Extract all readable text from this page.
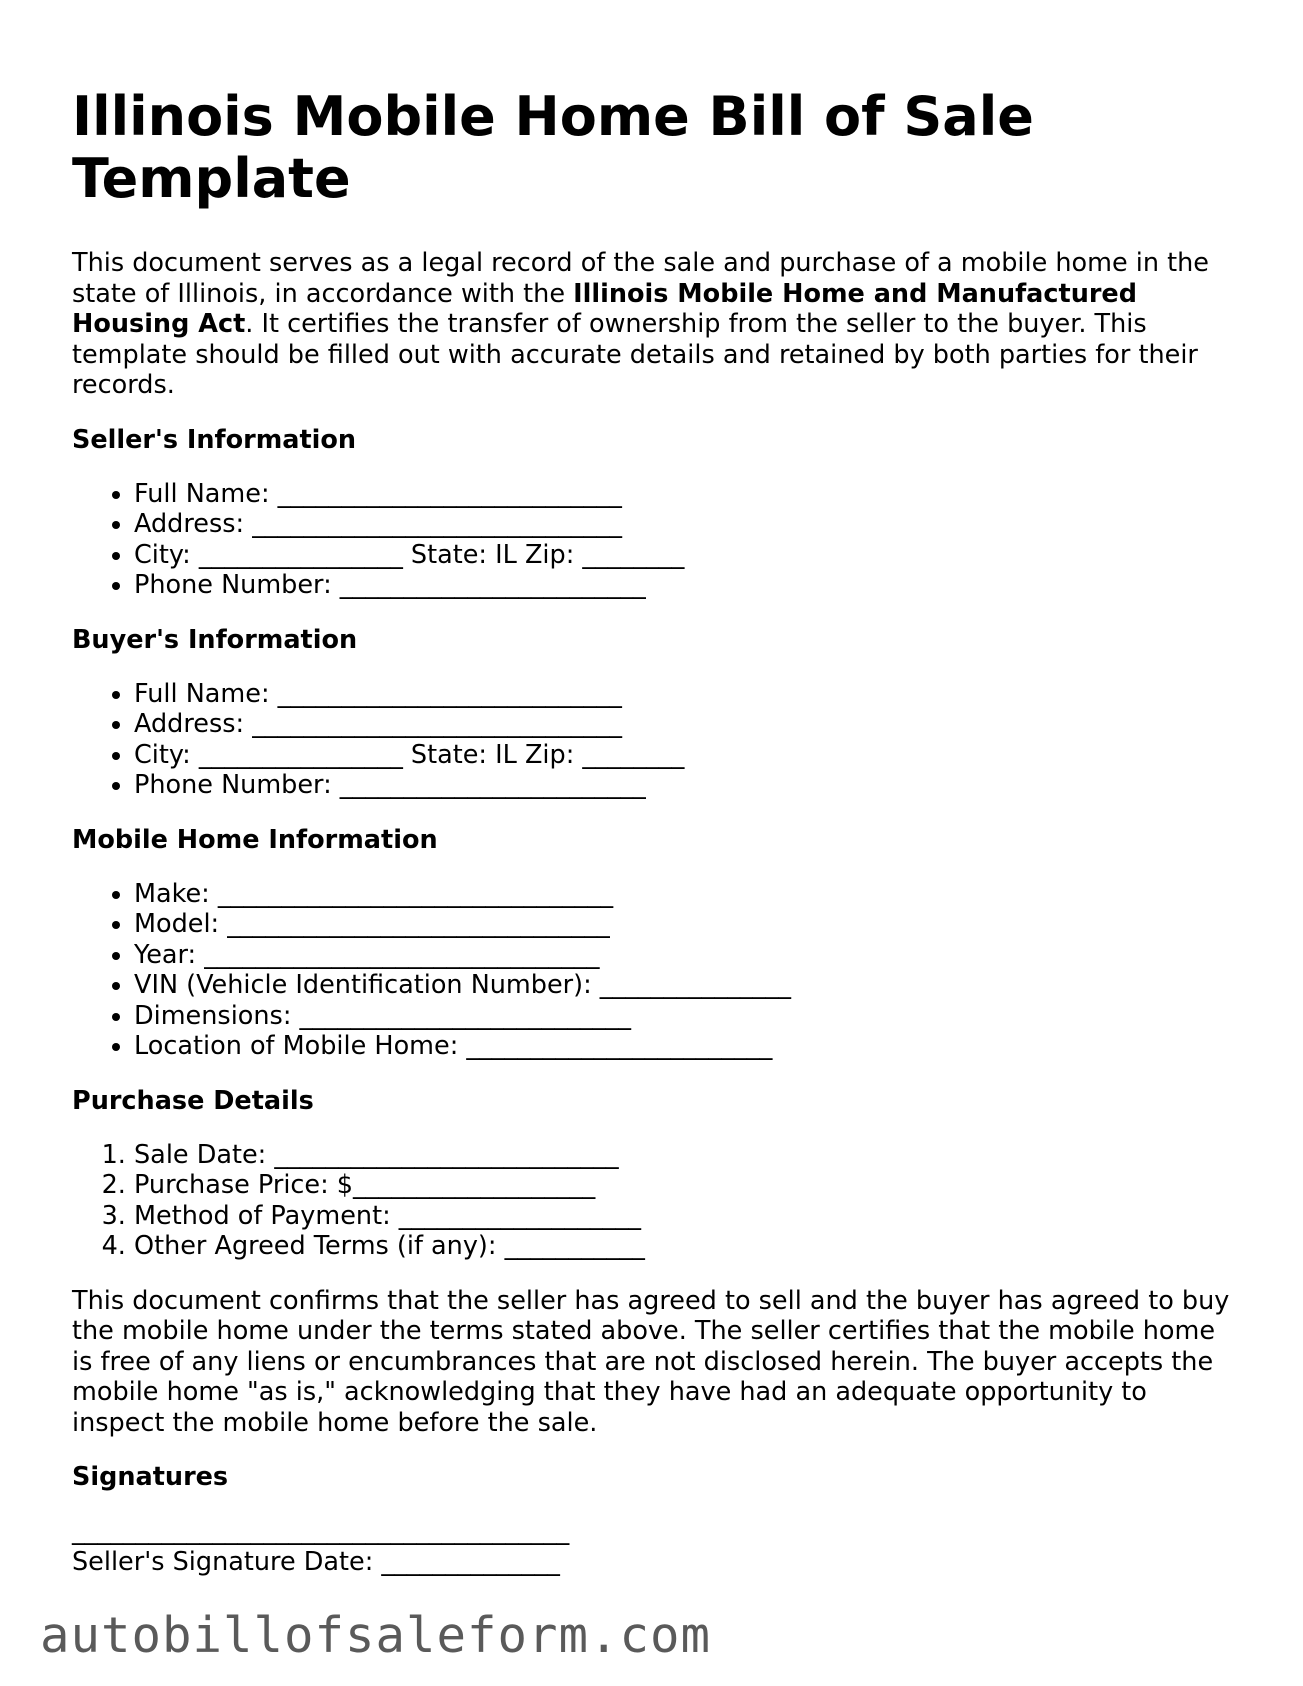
Illinois Mobile Home Bill of Sale Template

This document serves as a legal record of the sale and purchase of a mobile home in the state of Illinois, in accordance with the Illinois Mobile Home and Manufactured Housing Act. It certifies the transfer of ownership from the seller to the buyer. This template should be filled out with accurate details and retained by both parties for their records.

Seller's Information
• Full Name: ___________________________
• Address: _____________________________
• City: ________________ State: IL Zip: ________
• Phone Number: ________________________
Buyer's Information
• Full Name: ___________________________
• Address: _____________________________
• City: ________________ State: IL Zip: ________
• Phone Number: ________________________
Mobile Home Information
• Make: _______________________________
• Model: ______________________________
• Year: _______________________________
• VIN (Vehicle Identification Number): _______________
• Dimensions: __________________________
• Location of Mobile Home: ________________________
Purchase Details
1. Sale Date: ___________________________
2. Purchase Price: $___________________
3. Method of Payment: ___________________
4. Other Agreed Terms (if any): ___________

This document confirms that the seller has agreed to sell and the buyer has agreed to buy the mobile home under the terms stated above. The seller certifies that the mobile home is free of any liens or encumbrances that are not disclosed herein. The buyer accepts the mobile home "as is," acknowledging that they have had an adequate opportunity to inspect the mobile home before the sale.

Signatures
_______________________________________
Seller's Signature Date: ______________
autobillofsaleform.com
